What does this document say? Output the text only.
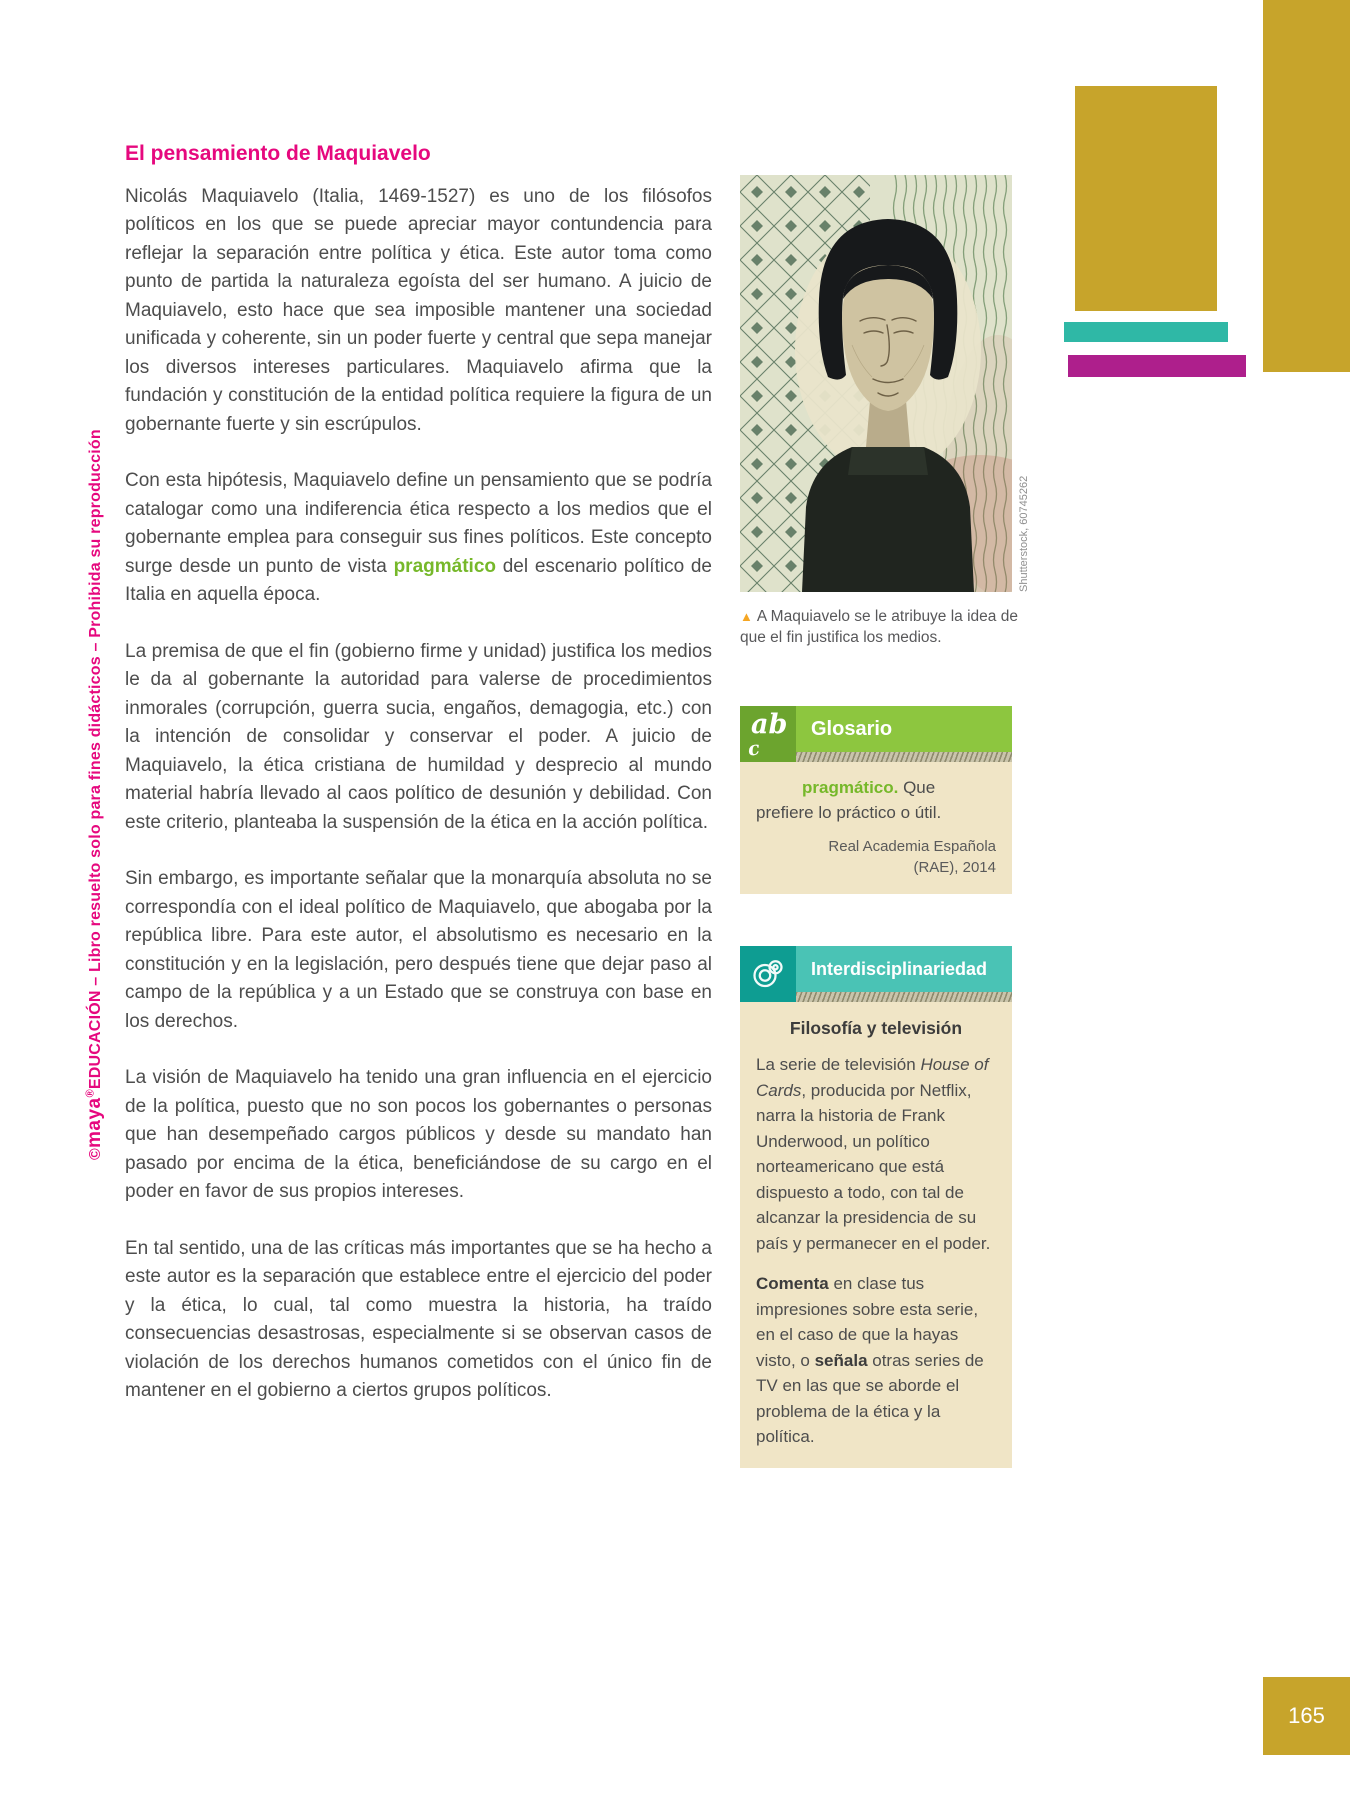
165
©maya®EDUCACIÓN – Libro resuelto solo para fines didácticos – Prohibida su reproducción
El pensamiento de Maquiavelo

Nicolás Maquiavelo (Italia, 1469-1527) es uno de los filósofos políticos en los que se puede apreciar mayor contundencia para reflejar la separación entre política y ética. Este autor toma como punto de partida la naturaleza egoísta del ser humano. A juicio de Maquiavelo, esto hace que sea imposible mantener una sociedad unificada y coherente, sin un poder fuerte y central que sepa manejar los diversos intereses particulares. Maquiavelo afirma que la fundación y constitución de la entidad política requiere la figura de un gobernante fuerte y sin escrúpulos.

Con esta hipótesis, Maquiavelo define un pensamiento que se podría catalogar como una indiferencia ética respecto a los medios que el gobernante emplea para conseguir sus fines políticos. Este concepto surge desde un punto de vista pragmático del escenario político de Italia en aquella época.

La premisa de que el fin (gobierno firme y unidad) justifica los medios le da al gobernante la autoridad para valerse de procedimientos inmorales (corrupción, guerra sucia, engaños, demagogia, etc.) con la intención de consolidar y conservar el poder. A juicio de Maquiavelo, la ética cristiana de humildad y desprecio al mundo material habría llevado al caos político de desunión y debilidad. Con este criterio, planteaba la suspensión de la ética en la acción política.

Sin embargo, es importante señalar que la monarquía absoluta no se correspondía con el ideal político de Maquiavelo, que abogaba por la república libre. Para este autor, el absolutismo es necesario en la constitución y en la legislación, pero después tiene que dejar paso al campo de la república y a un Estado que se construya con base en los derechos.

La visión de Maquiavelo ha tenido una gran influencia en el ejercicio de la política, puesto que no son pocos los gobernantes o personas que han desempeñado cargos públicos y desde su mandato han pasado por encima de la ética, beneficiándose de su cargo en el poder en favor de sus propios intereses.

En tal sentido, una de las críticas más importantes que se ha hecho a este autor es la separación que establece entre el ejercicio del poder y la ética, lo cual, tal como muestra la historia, ha traído consecuencias desastrosas, especialmente si se observan casos de violación de los derechos humanos cometidos con el único fin de mantener en el gobierno a ciertos grupos políticos.

Shutterstock, 60745262
▲ A Maquiavelo se le atribuye la idea de que el fin justifica los medios.
ab
c
Glosario

pragmático. Que prefiere lo práctico o útil.

Real Academia Española
(RAE), 2014
Interdisciplinariedad
Filosofía y televisión

La serie de televisión House of Cards, producida por Netflix, narra la historia de Frank Underwood, un político norteamericano que está dispuesto a todo, con tal de alcanzar la presidencia de su país y permanecer en el poder.

Comenta en clase tus impresiones sobre esta serie, en el caso de que la hayas visto, o señala otras series de TV en las que se aborde el problema de la ética y la política.
